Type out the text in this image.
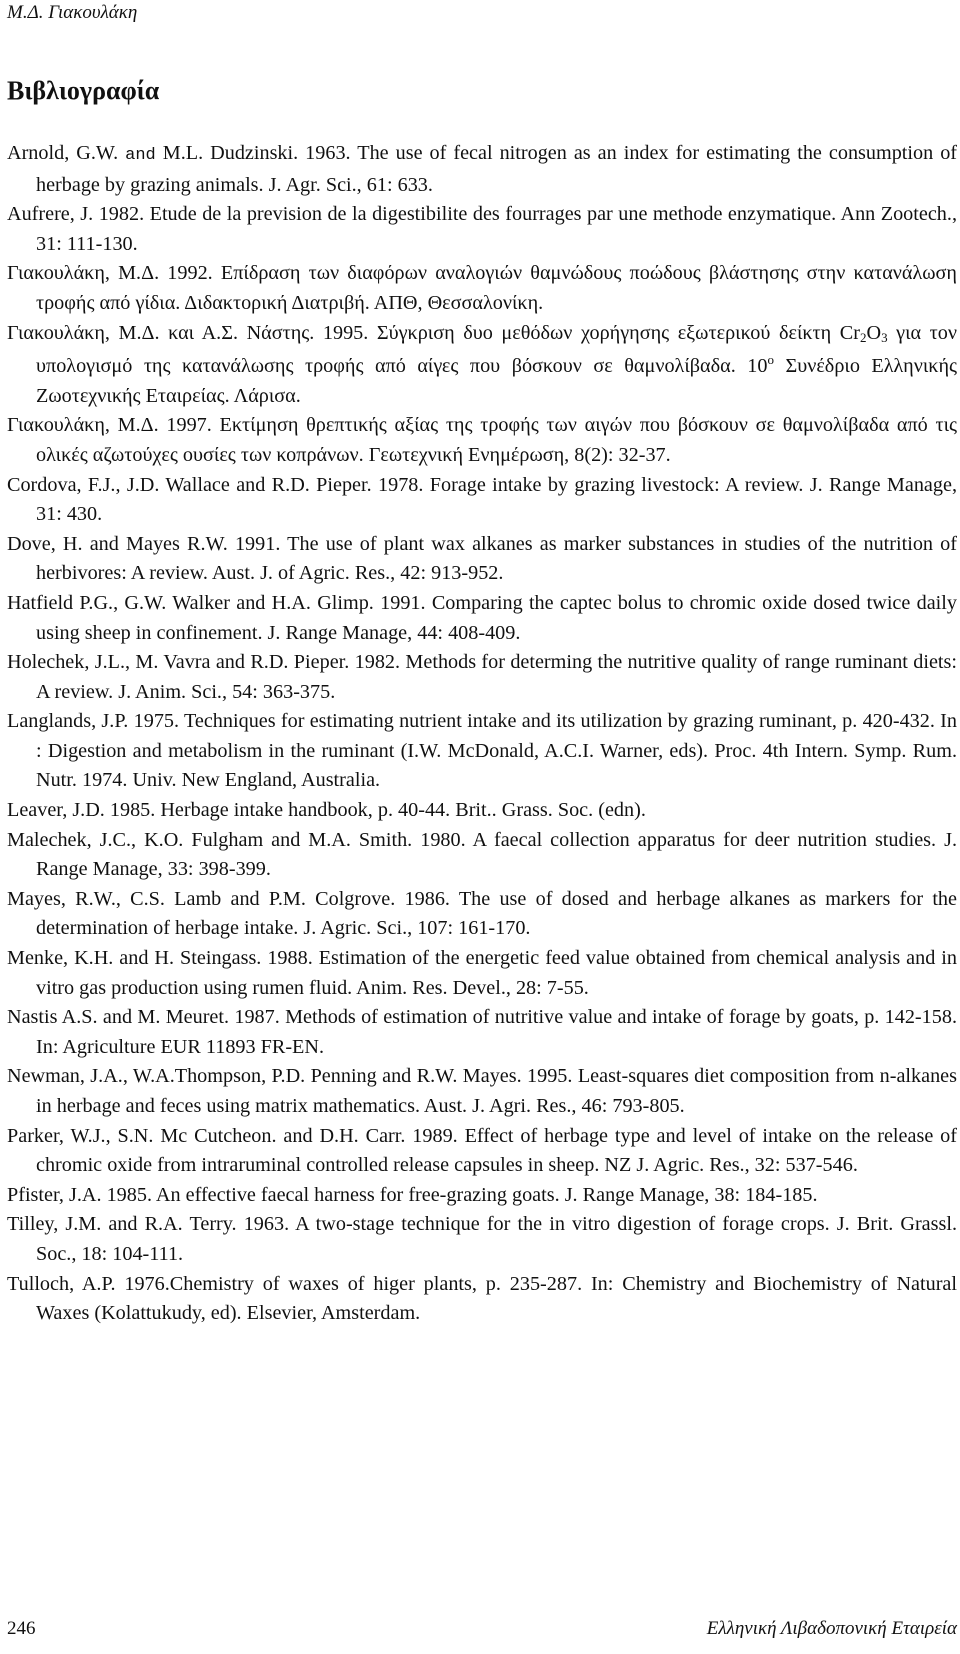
Μ.Δ. Γιακουλάκη
Βιβλιογραφία
Arnold, G.W. and M.L. Dudzinski. 1963. The use of fecal nitrogen as an index for estimating the consumption of herbage by grazing animals. J. Agr. Sci., 61: 633.
Aufrere, J. 1982. Etude de la prevision de la digestibilite des fourrages par une methode enzymatique. Ann Zootech., 31: 111-130.
Γιακουλάκη, Μ.Δ. 1992. Επίδραση των διαφόρων αναλογιών θαμνώδους ποώδους βλάστησης στην κατανάλωση τροφής από γίδια. Διδακτορική Διατριβή. ΑΠΘ, Θεσσαλονίκη.
Γιακουλάκη, Μ.Δ. και Α.Σ. Νάστης. 1995. Σύγκριση δυο μεθόδων χορήγησης εξωτερικού δείκτη $Cr_2O_3$ για τον υπολογισμό της κατανάλωσης τροφής από αίγες που βόσκουν σε θαμνολίβαδα. $10^o$ Συνέδριο Ελληνικής Ζωοτεχνικής Εταιρείας. Λάρισα.
Γιακουλάκη, Μ.Δ. 1997. Εκτίμηση θρεπτικής αξίας της τροφής των αιγών που βόσκουν σε θαμνολίβαδα από τις ολικές αζωτούχες ουσίες των κοπράνων. Γεωτεχνική Ενημέρωση, 8(2): 32-37.
Cordova, F.J., J.D. Wallace and R.D. Pieper. 1978. Forage intake by grazing livestock: A review. J. Range Manage, 31: 430.
Dove, H. and Mayes R.W. 1991. The use of plant wax alkanes as marker substances in studies of the nutrition of herbivores: A review. Aust. J. of Agric. Res., 42: 913-952.
Hatfield P.G., G.W. Walker and H.A. Glimp. 1991. Comparing the captec bolus to chromic oxide dosed twice daily using sheep in confinement. J. Range Manage, 44: 408-409.
Holechek, J.L., M. Vavra and R.D. Pieper. 1982. Methods for determing the nutritive quality of range ruminant diets: A review. J. Anim. Sci., 54: 363-375.
Langlands, J.P. 1975. Techniques for estimating nutrient intake and its utilization by grazing ruminant, p. 420-432. In : Digestion and metabolism in the ruminant (I.W. McDonald, A.C.I. Warner, eds). Proc. 4th Intern. Symp. Rum. Nutr. 1974. Univ. New England, Australia.
Leaver, J.D. 1985. Herbage intake handbook, p. 40-44. Brit.. Grass. Soc. (edn).
Malechek, J.C., K.O. Fulgham and M.A. Smith. 1980. A faecal collection apparatus for deer nutrition studies. J. Range Manage, 33: 398-399.
Mayes, R.W., C.S. Lamb and P.M. Colgrove. 1986. The use of dosed and herbage alkanes as markers for the determination of herbage intake. J. Agric. Sci., 107: 161-170.
Menke, K.H. and H. Steingass. 1988. Estimation of the energetic feed value obtained from chemical analysis and in vitro gas production using rumen fluid. Anim. Res. Devel., 28: 7-55.
Nastis A.S. and M. Meuret. 1987. Methods of estimation of nutritive value and intake of forage by goats, p. 142-158. In: Agriculture EUR 11893 FR-EN.
Newman, J.A., W.A.Thompson, P.D. Penning and R.W. Mayes. 1995. Least-squares diet composition from n-alkanes in herbage and feces using matrix mathematics. Aust. J. Agri. Res., 46: 793-805.
Parker, W.J., S.N. Mc Cutcheon. and D.H. Carr. 1989. Effect of herbage type and level of intake on the release of chromic oxide from intraruminal controlled release capsules in sheep. NZ J. Agric. Res., 32: 537-546.
Pfister, J.A. 1985. An effective faecal harness for free-grazing goats. J. Range Manage, 38: 184-185.
Tilley, J.M. and R.A. Terry. 1963. A two-stage technique for the in vitro digestion of forage crops. J. Brit. Grassl. Soc., 18: 104-111.
Tulloch, A.P. 1976.Chemistry of waxes of higer plants, p. 235-287. In: Chemistry and Biochemistry of Natural Waxes (Kolattukudy, ed). Elsevier, Amsterdam.
246	Ελληνική Λιβαδοπονική Εταιρεία
